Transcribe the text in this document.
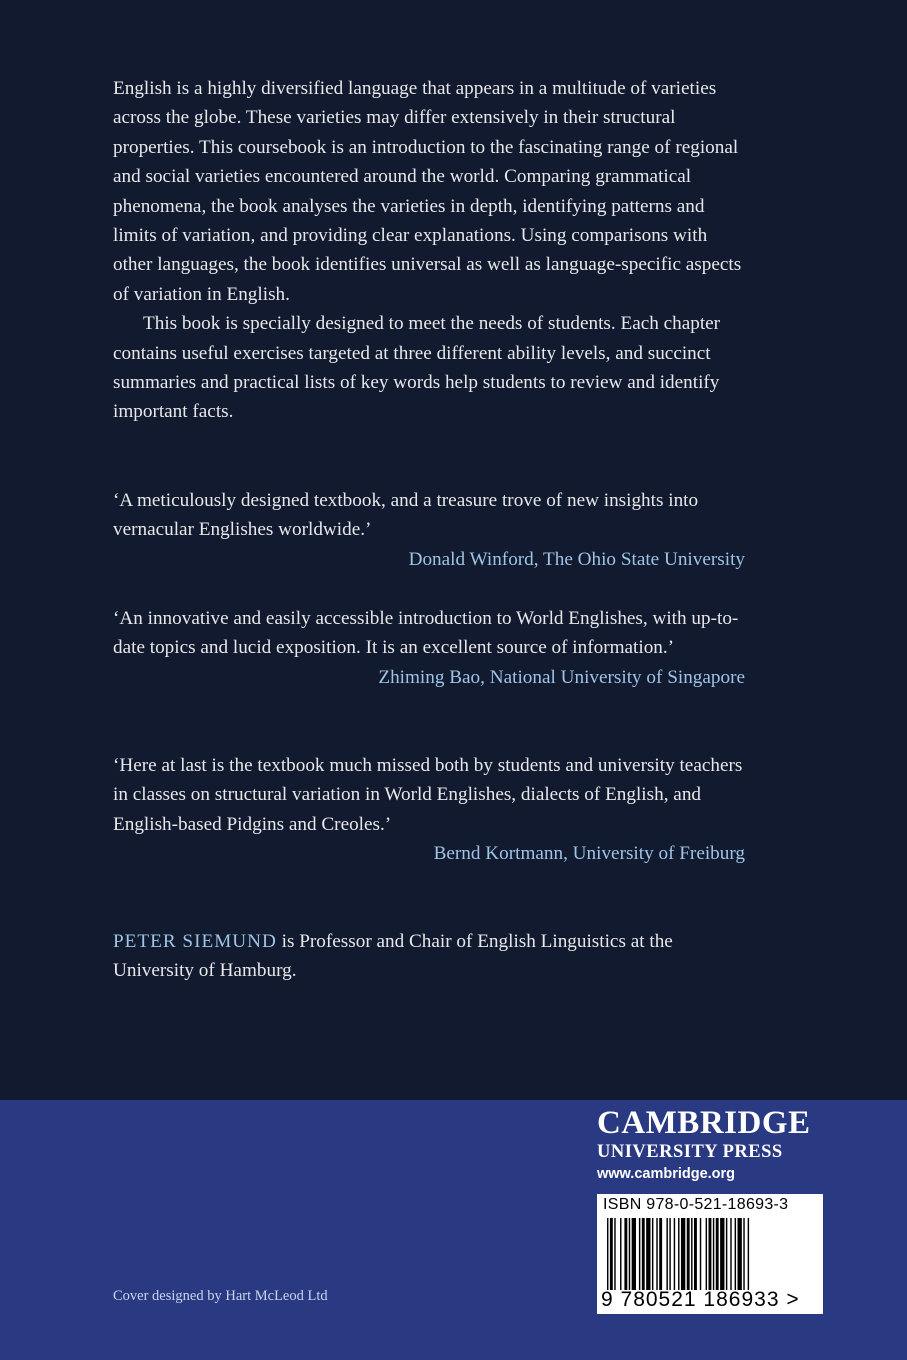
English is a highly diversified language that appears in a multitude of varieties across the globe. These varieties may differ extensively in their structural properties. This coursebook is an introduction to the fascinating range of regional and social varieties encountered around the world. Comparing grammatical phenomena, the book analyses the varieties in depth, identifying patterns and limits of variation, and providing clear explanations. Using comparisons with other languages, the book identifies universal as well as language-specific aspects of variation in English.

This book is specially designed to meet the needs of students. Each chapter contains useful exercises targeted at three different ability levels, and succinct summaries and practical lists of key words help students to review and identify important facts.

‘A meticulously designed textbook, and a treasure trove of new insights into vernacular Englishes worldwide.’
Donald Winford, The Ohio State University
‘An innovative and easily accessible introduction to World Englishes, with up-to-date topics and lucid exposition. It is an excellent source of information.’
Zhiming Bao, National University of Singapore
‘Here at last is the textbook much missed both by students and university teachers in classes on structural variation in World Englishes, dialects of English, and English-based Pidgins and Creoles.’
Bernd Kortmann, University of Freiburg
PETER SIEMUND is Professor and Chair of English Linguistics at the University of Hamburg.
CAMBRIDGE
UNIVERSITY PRESS
www.cambridge.org
ISBN 978-0-521-18693-3
9 780521 186933 >
Cover designed by Hart McLeod Ltd
